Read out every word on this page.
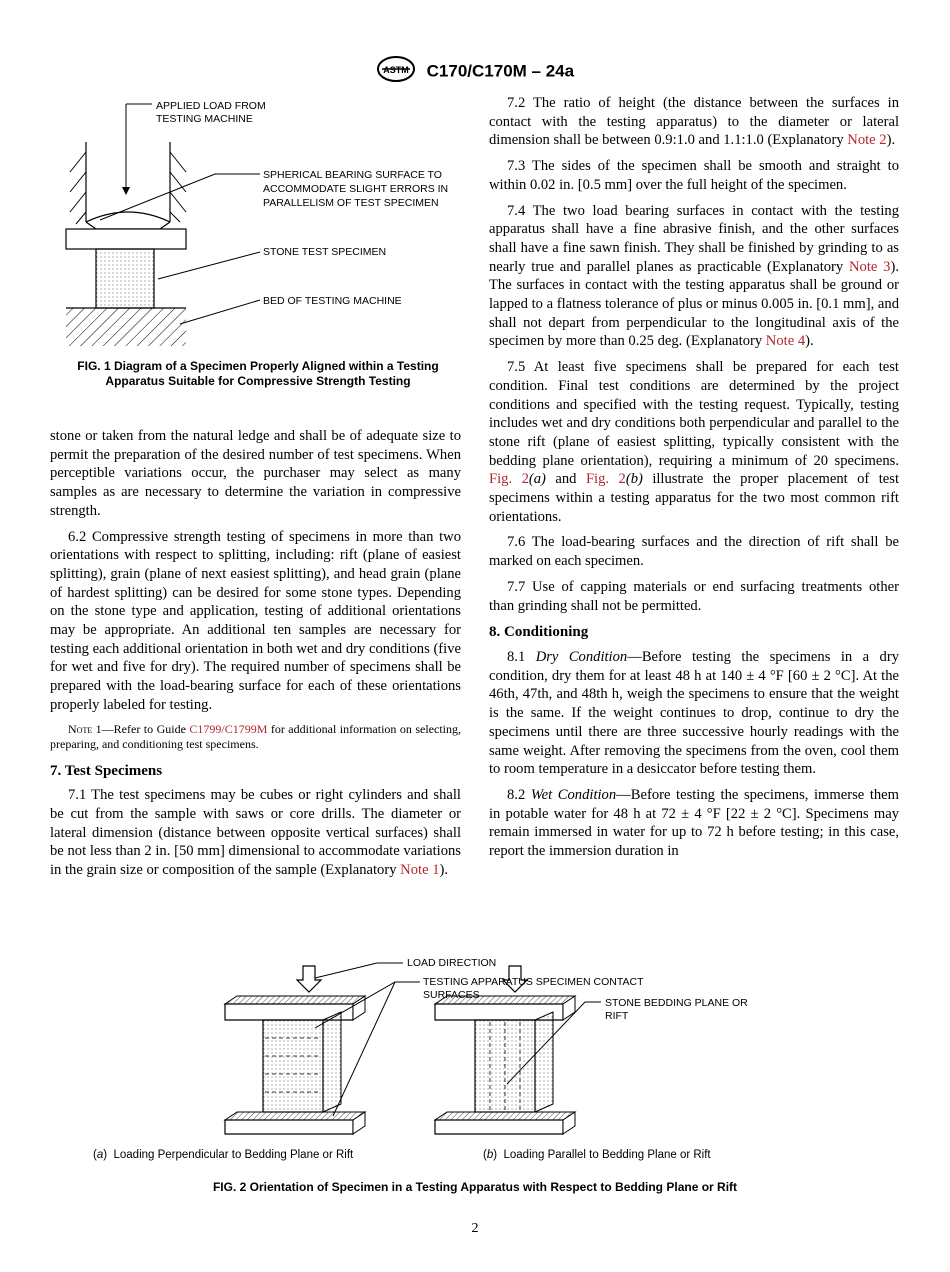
ASTM C170/C170M – 24a
APPLIED LOAD FROM
TESTING MACHINE
SPHERICAL BEARING SURFACE TO
ACCOMMODATE SLIGHT ERRORS IN
PARALLELISM OF TEST SPECIMEN
STONE TEST SPECIMEN
BED OF TESTING MACHINE
FIG. 1 Diagram of a Specimen Properly Aligned within a Testing
Apparatus Suitable for Compressive Strength Testing

stone or taken from the natural ledge and shall be of adequate size to permit the preparation of the desired number of test specimens. When perceptible variations occur, the purchaser may select as many samples as are necessary to determine the variation in compressive strength.

6.2 Compressive strength testing of specimens in more than two orientations with respect to splitting, including: rift (plane of easiest splitting), grain (plane of next easiest splitting), and head grain (plane of hardest splitting) can be desired for some stone types. Depending on the stone type and application, testing of additional orientations may be appropriate. An additional ten samples are necessary for testing each additional orientation in both wet and dry conditions (five for wet and five for dry). The required number of specimens shall be prepared with the load-bearing surface for each of these orientations properly labeled for testing.

Note 1—Refer to Guide C1799/C1799M for additional information on selecting, preparing, and conditioning test specimens.
7. Test Specimens

7.1 The test specimens may be cubes or right cylinders and shall be cut from the sample with saws or core drills. The diameter or lateral dimension (distance between opposite vertical surfaces) shall be not less than 2 in. [50 mm] dimensional to accommodate variations in the grain size or composition of the sample (Explanatory Note 1).

7.2 The ratio of height (the distance between the surfaces in contact with the testing apparatus) to the diameter or lateral dimension shall be between 0.9:1.0 and 1.1:1.0 (Explanatory Note 2).

7.3 The sides of the specimen shall be smooth and straight to within 0.02 in. [0.5 mm] over the full height of the specimen.

7.4 The two load bearing surfaces in contact with the testing apparatus shall have a fine abrasive finish, and the other surfaces shall have a fine sawn finish. They shall be finished by grinding to as nearly true and parallel planes as practicable (Explanatory Note 3). The surfaces in contact with the testing apparatus shall be ground or lapped to a flatness tolerance of plus or minus 0.005 in. [0.1 mm], and shall not depart from perpendicular to the longitudinal axis of the specimen by more than 0.25 deg. (Explanatory Note 4).

7.5 At least five specimens shall be prepared for each test condition. Final test conditions are determined by the project conditions and specified with the testing request. Typically, testing includes wet and dry conditions both perpendicular and parallel to the stone rift (plane of easiest splitting, typically consistent with the bedding plane orientation), requiring a minimum of 20 specimens. Fig. 2(a) and Fig. 2(b) illustrate the proper placement of test specimens within a testing apparatus for the two most common rift orientations.

7.6 The load-bearing surfaces and the direction of rift shall be marked on each specimen.

7.7 Use of capping materials or end surfacing treatments other than grinding shall not be permitted.

8. Conditioning

8.1 Dry Condition—Before testing the specimens in a dry condition, dry them for at least 48 h at 140 ± 4 °F [60 ± 2 °C]. At the 46th, 47th, and 48th h, weigh the specimens to ensure that the weight is the same. If the weight continues to drop, continue to dry the specimens until there are three successive hourly readings with the same weight. After removing the specimens from the oven, cool them to room temperature in a desiccator before testing them.

8.2 Wet Condition—Before testing the specimens, immerse them in potable water for 48 h at 72 ± 4 °F [22 ± 2 °C]. Specimens may remain immersed in water for up to 72 h before testing; in this case, report the immersion duration in

LOAD DIRECTION
TESTING APPARATUS SPECIMEN CONTACT
SURFACES
STONE BEDDING PLANE OR
RIFT
(a)  Loading Perpendicular to Bedding Plane or Rift	(b)  Loading Parallel to Bedding Plane or Rift
FIG. 2 Orientation of Specimen in a Testing Apparatus with Respect to Bedding Plane or Rift
2
